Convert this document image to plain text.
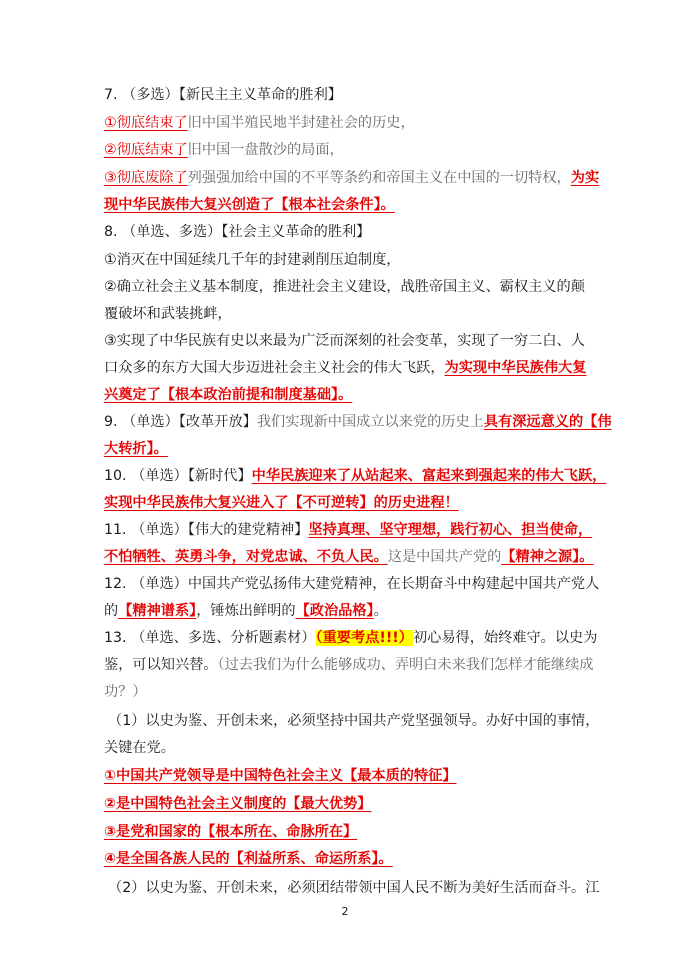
7. （多选）【新民主主义革命的胜利】
①彻底结束了旧中国半殖民地半封建社会的历史，
②彻底结束了旧中国一盘散沙的局面，
③彻底废除了列强强加给中国的不平等条约和帝国主义在中国的一切特权，为实
现中华民族伟大复兴创造了【根本社会条件】。
8. （单选、多选）【社会主义革命的胜利】
①消灭在中国延续几千年的封建剥削压迫制度，
②确立社会主义基本制度，推进社会主义建设，战胜帝国主义、霸权主义的颠
覆破坏和武装挑衅，
③实现了中华民族有史以来最为广泛而深刻的社会变革，实现了一穷二白、人
口众多的东方大国大步迈进社会主义社会的伟大飞跃，为实现中华民族伟大复
兴奠定了【根本政治前提和制度基础】。
9. （单选）【改革开放】我们实现新中国成立以来党的历史上具有深远意义的【伟
大转折】。
10. （单选）【新时代】中华民族迎来了从站起来、富起来到强起来的伟大飞跃，
实现中华民族伟大复兴进入了【不可逆转】的历史进程！
11. （单选）【伟大的建党精神】坚持真理、坚守理想，践行初心、担当使命，
不怕牺牲、英勇斗争，对党忠诚、不负人民。这是中国共产党的【精神之源】。
12. （单选）中国共产党弘扬伟大建党精神，在长期奋斗中构建起中国共产党人
的【精神谱系】，锤炼出鲜明的【政治品格】。
13. （单选、多选、分析题素材）（重要考点!!!）初心易得，始终难守。以史为
鉴，可以知兴替。（过去我们为什么能够成功、弄明白未来我们怎样才能继续成
功？）
（1）以史为鉴、开创未来，必须坚持中国共产党坚强领导。办好中国的事情，
关键在党。
①中国共产党领导是中国特色社会主义【最本质的特征】
②是中国特色社会主义制度的【最大优势】
③是党和国家的【根本所在、命脉所在】
④是全国各族人民的【利益所系、命运所系】。
（2）以史为鉴、开创未来，必须团结带领中国人民不断为美好生活而奋斗。江
2
